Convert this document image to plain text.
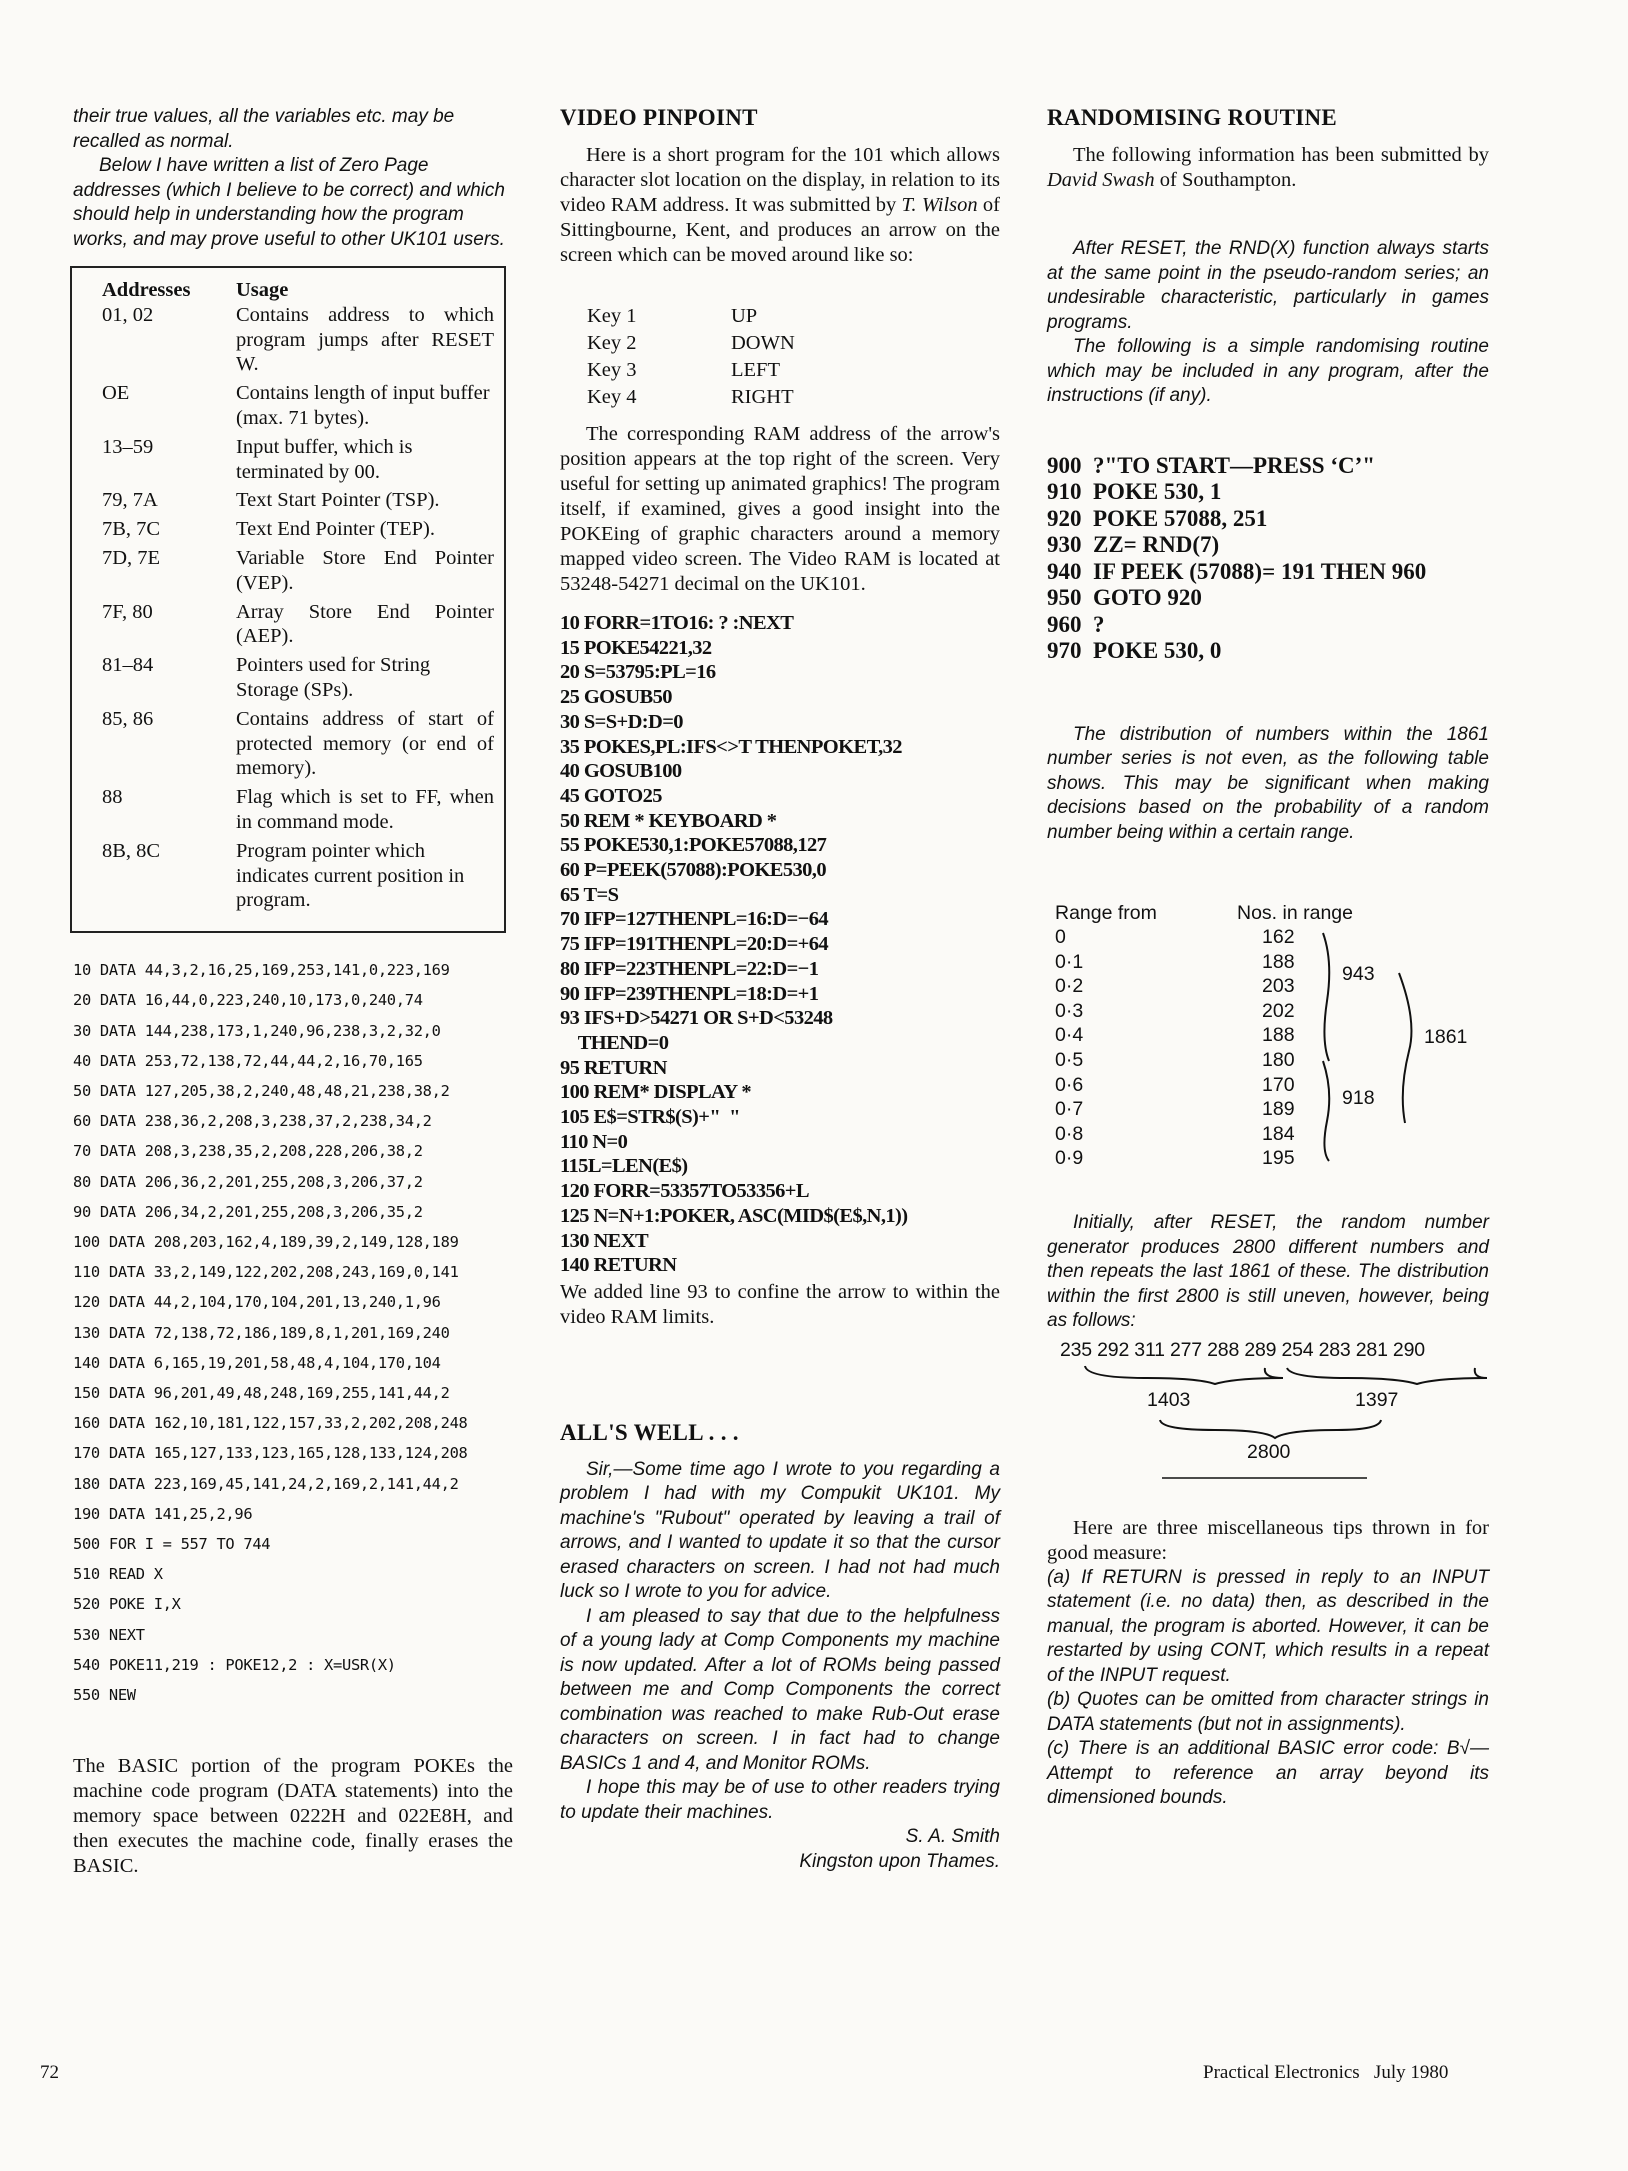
their true values, all the variables etc. may be recalled as normal.

Below I have written a list of Zero Page addresses (which I believe to be correct) and which should help in understanding how the program works, and may prove useful to other UK101 users.

Addresses	Usage
01, 02	Contains address to which program jumps after RESET W.
OE	Contains length of input buffer (max. 71 bytes).
13–59	Input buffer, which is terminated by 00.
79, 7A	Text Start Pointer (TSP).
7B, 7C	Text End Pointer (TEP).
7D, 7E	Variable Store End Pointer (VEP).
7F, 80	Array Store End Pointer (AEP).
81–84	Pointers used for String Storage (SPs).
85, 86	Contains address of start of protected memory (or end of memory).
88	Flag which is set to FF, when in command mode.
8B, 8C	Program pointer which indicates current position in program.
10 DATA 44,3,2,16,25,169,253,141,0,223,169
20 DATA 16,44,0,223,240,10,173,0,240,74
30 DATA 144,238,173,1,240,96,238,3,2,32,0
40 DATA 253,72,138,72,44,44,2,16,70,165
50 DATA 127,205,38,2,240,48,48,21,238,38,2
60 DATA 238,36,2,208,3,238,37,2,238,34,2
70 DATA 208,3,238,35,2,208,228,206,38,2
80 DATA 206,36,2,201,255,208,3,206,37,2
90 DATA 206,34,2,201,255,208,3,206,35,2
100 DATA 208,203,162,4,189,39,2,149,128,189
110 DATA 33,2,149,122,202,208,243,169,0,141
120 DATA 44,2,104,170,104,201,13,240,1,96
130 DATA 72,138,72,186,189,8,1,201,169,240
140 DATA 6,165,19,201,58,48,4,104,170,104
150 DATA 96,201,49,48,248,169,255,141,44,2
160 DATA 162,10,181,122,157,33,2,202,208,248
170 DATA 165,127,133,123,165,128,133,124,208
180 DATA 223,169,45,141,24,2,169,2,141,44,2
190 DATA 141,25,2,96
500 FOR I = 557 TO 744
510 READ X
520 POKE I,X
530 NEXT
540 POKE11,219 : POKE12,2 : X=USR(X)
550 NEW

The BASIC portion of the program POKEs the machine code program (DATA statements) into the memory space between 0222H and 022E8H, and then executes the machine code, finally erases the BASIC.

VIDEO PINPOINT

Here is a short program for the 101 which allows character slot location on the display, in relation to its video RAM address. It was submitted by T. Wilson of Sittingbourne, Kent, and produces an arrow on the screen which can be moved around like so:

Key 1	UP
Key 2	DOWN
Key 3	LEFT
Key 4	RIGHT

The corresponding RAM address of the arrow's position appears at the top right of the screen. Very useful for setting up animated graphics! The program itself, if examined, gives a good insight into the POKEing of graphic characters around a memory mapped video screen. The Video RAM is located at 53248-54271 decimal on the UK101.

10 FORR=1TO16: ? :NEXT
15 POKE54221,32
20 S=53795:PL=16
25 GOSUB50
30 S=S+D:D=0
35 POKES,PL:IFS<>T THENPOKET,32
40 GOSUB100
45 GOTO25
50 REM * KEYBOARD *
55 POKE530,1:POKE57088,127
60 P=PEEK(57088):POKE530,0
65 T=S
70 IFP=127THENPL=16:D=−64
75 IFP=191THENPL=20:D=+64
80 IFP=223THENPL=22:D=−1
90 IFP=239THENPL=18:D=+1
93 IFS+D>54271 OR S+D<53248
THEND=0
95 RETURN
100 REM* DISPLAY *
105 E$=STR$(S)+"  "
110 N=0
115L=LEN(E$)
120 FORR=53357TO53356+L
125 N=N+1:POKER, ASC(MID$(E$,N,1))
130 NEXT
140 RETURN

We added line 93 to confine the arrow to within the video RAM limits.

ALL'S WELL . . .

Sir,—Some time ago I wrote to you regarding a problem I had with my Compukit UK101. My machine's "Rubout" operated by leaving a trail of arrows, and I wanted to update it so that the cursor erased characters on screen. I had not had much luck so I wrote to you for advice.

I am pleased to say that due to the helpfulness of a young lady at Comp Components my machine is now updated. After a lot of ROMs being passed between me and Comp Components the correct combination was reached to make Rub-Out erase characters on screen. I in fact had to change BASICs 1 and 4, and Monitor ROMs.

I hope this may be of use to other readers trying to update their machines.

S. A. Smith

Kingston upon Thames.

RANDOMISING ROUTINE

The following information has been submitted by David Swash of Southampton.

After RESET, the RND(X) function always starts at the same point in the pseudo-random series; an undesirable characteristic, particularly in games programs.

The following is a simple randomising routine which may be included in any program, after the instructions (if any).

900  ?"TO START—PRESS ‘C’"
910  POKE 530, 1
920  POKE 57088, 251
930  ZZ= RND(7)
940  IF PEEK (57088)= 191 THEN 960
950  GOTO 920
960  ?
970  POKE 530, 0

The distribution of numbers within the 1861 number series is not even, as the following table shows. This may be significant when making decisions based on the probability of a random number being within a certain range.

Range from	Nos. in range
0	162
0·1	188
0·2	203
0·3	202
0·4	188
0·5	180
0·6	170
0·7	189
0·8	184
0·9	195
943
918
1861

Initially, after RESET, the random number generator produces 2800 different numbers and then repeats the last 1861 of these. The distribution within the first 2800 is still uneven, however, being as follows:

235 292 311 277 288 289 254 283 281 290
1403	1397
2800

Here are three miscellaneous tips thrown in for good measure:

(a) If RETURN is pressed in reply to an INPUT statement (i.e. no data) then, as described in the manual, the program is aborted. However, it can be restarted by using CONT, which results in a repeat of the INPUT request.

(b) Quotes can be omitted from character strings in DATA statements (but not in assignments).

(c) There is an additional BASIC error code: B√—Attempt to reference an array beyond its dimensioned bounds.

72	Practical Electronics   July 1980
